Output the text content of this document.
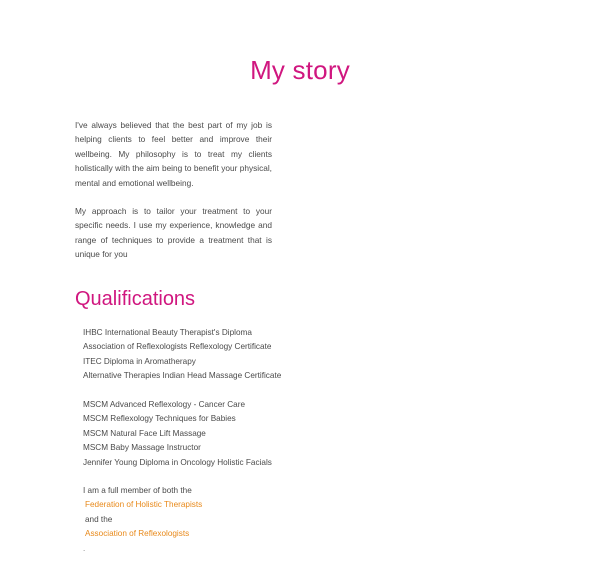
My story

I've always believed that the best part of my job is helping clients to feel better and improve their wellbeing. My philosophy is to treat my clients holistically with the aim being to benefit your physical, mental and emotional wellbeing.

My approach is to tailor your treatment to your specific needs. I use my experience, knowledge and range of techniques to provide a treatment that is unique for you

Qualifications
IHBC International Beauty Therapist's Diploma
Association of Reflexologists Reflexology Certificate
ITEC Diploma in Aromatherapy
Alternative Therapies Indian Head Massage Certificate
MSCM Advanced Reflexology - Cancer Care
MSCM Reflexology Techniques for Babies
MSCM Natural Face Lift Massage
MSCM Baby Massage Instructor
Jennifer Young Diploma in Oncology Holistic Facials
I am a full member of both the
Federation of Holistic Therapists
and the
Association of Reflexologists
.
